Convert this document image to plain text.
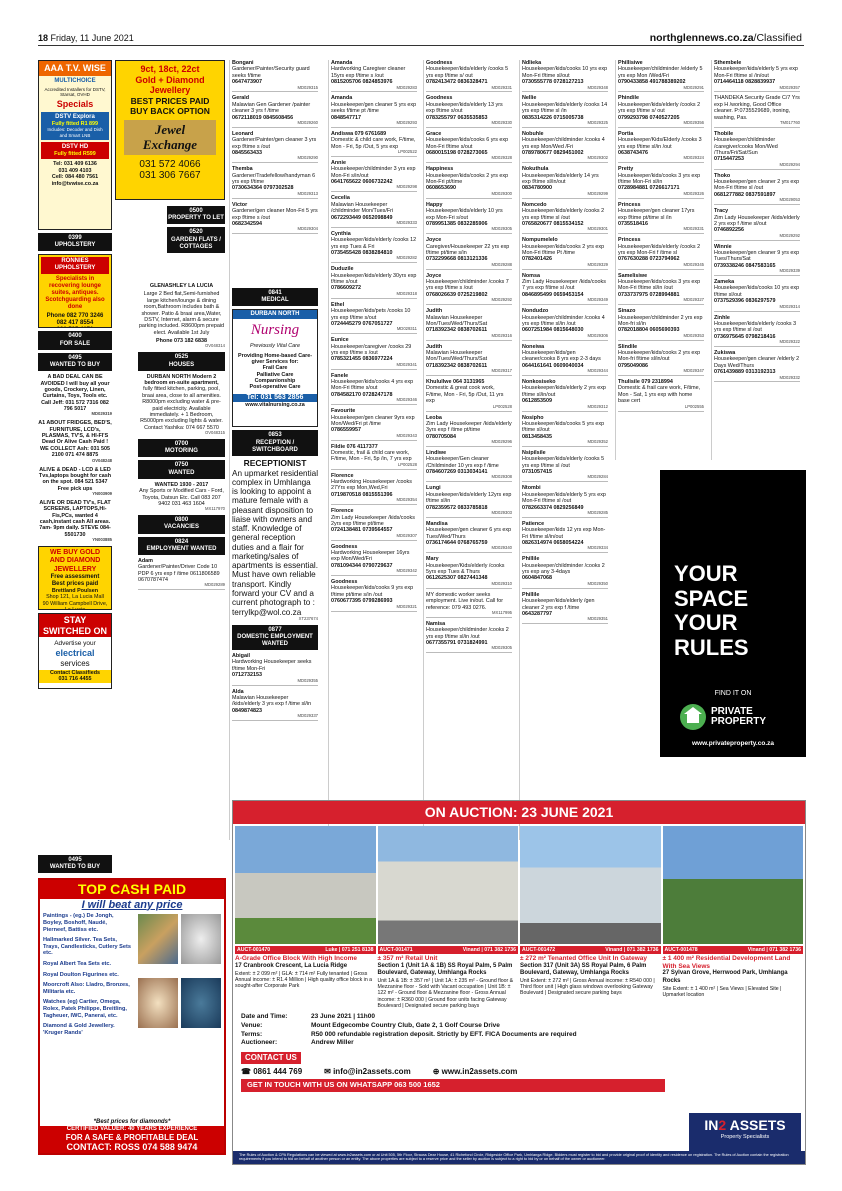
18 Friday, 11 June 2021	northglennews.co.za/Classified
AAA T.V. WISE
MULTICHOICE
Accredited Installers for DSTV, Starsat, OVHD
Specials
DSTV Explora
Fully fitted R1 899
Includes: Decoder and Dish and Smart LNB
DSTV HD
Fully fitted R599
Tel: 031 409 6136
031 409 4103
Cell: 084 480 7561
info@tvwise.co.za
0399
UPHOLSTERY
RONNIES UPHOLSTERY
Specialists in recovering lounge suites, antiques. Scotchguarding also done
Phone 082 770 3246
082 417 8554
0400
FOR SALE
0495
WANTED TO BUY

A BAD DEAL CAN BE AVOIDED I will buy all your goods, Crockery, Linen, Curtains, Toys, Tools etc. Call Jeff: 031 572 7316 082 796 5017
MD029319

A1 ABOUT FRIDGES, BED'S, FURNITURE, LCD's, PLASMAS, TV'S, & HI-FI'S Dead Or Alive Cash Paid ! WE COLLECT Ash: 031 505 2100 071 474 8875
OV048248

ALIVE & DEAD - LCD & LED Tvs,laptops bought for cash on the spot. 084 521 5347 Free pick ups
YN003909

ALIVE OR DEAD TV's, FLAT SCREENS, LAPTOPS,Hi-Fis,PCs, wanted 4 cash,instant cash All areas. 7am- 9pm daily. STEVE 084-5501730
YN003885

WE BUY GOLD
AND DIAMOND
JEWELLERY
Free assessment
Best prices paid
Brettland Poulsen
Shop 121, La Lucia Mall
90 William Campbell Drive,
STAY
SWITCHED ON
Advertise your
electrical
services
Contact Classifieds
031 716 4455
9ct, 18ct, 22ct
Gold + Diamond
Jewellery
BEST PRICES PAID
BUY BACK OPTION
Jewel
Exchange
031 572 4066
031 306 7667
0500
PROPERTY TO LET
0520
GARDEN FLATS / COTTAGES
GLENASHLEY LA LUCIA
Large 2 Bed flat,Semi-furnished large kitchen/lounge & dining room,Bathroom includes bath & shower. Patio & braai area,Water, DSTV, Internet, alarm & secure parking included. R8600pm prepaid elect. Available 1st July
Phone 073 182 6838
OV048314
0525
HOUSES
DURBAN NORTH Modern 2 bedroom en-suite apartment,
fully fitted kitchen, parking, pool, braai area, close to all amenities. R8000pm excluding water & pre-paid electricity. Available immediately. + 1 Bedroom, R5000pm excluding lights & water. Contact Yashika: 074 667 5570
OV048315
0700
MOTORING
0750
WANTED
WANTED 1930 - 2017
Any Sports or Modified Cars - Ford, Toyota, Datsun Etc. Call 083 207 9402 031 463 1604
MX117970
0800
VACANCIES
0824
EMPLOYMENT WANTED
Adam
Gardener/Painter/Driver Code 10 PDP 6 yrs exp f /time 0611806589 0670787474
MD029289
0495
WANTED TO BUY
Bongani
Gardener/Painter/Security guard seeks f/time
0647473907
MD029315
Gerald
Malawian Gen Gardener /painter cleaner 3 yrs f /time
0672118019 0845608456
MD029260
Leonard
Gardener/Painter/gen cleaner 3 yrs exp f/time s /out
0845563433
MD029290
Themba
Gardener/Tradefellow/handyman 6 yrs exp f/time
0730634364 0797302528
MD029313
Victor
Gardener/gen cleaner Mon-Fri 5 yrs exp f/time s /out
0682342594
MD029304
Amanda
Hardworking Caregiver cleaner 15yrs exp f/time s /out
0815205706 0824853976
MD029283
Amanda
Housekeeper/gen cleaner 5 yrs exp seeks f/time pt /time
0848547717
MD029293
Andiswa 079 6761689
Domestic & child care work, F/time, Mon - Fri, 5p /Out, 5 yrs exp
LP002522
Annie
Housekeeper/childminder 3 yrs exp Mon-Fri s/in/out
0641765622 0606732242
MD029298
Cecelia
Malawian Housekeeper /childminder Mon/Tues/Fri
0672293449 0652098849
MD029333
Cynthia
Housekeeper/kids/elderly /cooks 12 yrs exp Tues & Fri
0735455428 0838284810
MD029282
Duduzile
Housekeeper/kids/elderly 30yrs exp f/time s/out
0786609272
MD029318
Ethel
Housekeeper/kids/pets /cooks 10 yrs exp f/time s/out
0724445279 0767051727
MD029311
Eunice
Housekeeper/caregiver /cooks 29 yrs exp f/time s /out
0785321455 0836977224
MD029341
Fanele
Housekeeper/kids/cooks 4 yrs exp Mon-Fri f/time s/out
0784582170 0728247178
MD029346
Favourite
Housekeeper/gen cleaner 9yrs exp Mon/Wed/Fri pt /time
0786559957
MD029343
Fildie 076 4117377
Domestic, frail & child care work, F/time, Mon - Fri, 5p /in, 7 yrs exp
LP002528
Florence
Hardworking Housekeeper /cooks 27Yrs exp Mon,Wed,Fri
0719870518 0815551396
MD029354
Florence
Zim Lady Housekeeper /kids/cooks 2yrs exp f/time pt/time
0724138481 0739564557
MD029307
Goodness
Hardworking Housekeeper 16yrs exp Mon/Wed/Fri
0781094344 0790729637
MD029342
Goodness
Housekeeper/kids/cooks 9 yrs exp f/time pt/time s/in /out
0760677395 0799286993
MD029321
Goodness
Housekeeper/kids/elderly /cooks 5 yrs exp f/time s/ out
0782413472 0836328471
MD029331
Goodness
Housekeeper/kids/elderly 13 yrs exp f/time s/out
0783255797 0635535853
MD029330
Grace
Housekeeper/kids/cooks 6 yrs exp Mon-Fri f/time s/out
0680015198 0728273065
MD029328
Happiness
Housekeeper/kids/cooks 2 yrs exp Mon-Fri pt/time
0608653690
MD029300
Happy
Housekeeper/kids/elderly 10 yrs exp Mon-Fri s/out
0789951385 0832285906
MD029305
Joyce
Caregiver/Housekeeper 22 yrs exp f/time pt/time s/in
0732299668 0813121336
MD029288
Joyce
Housekeeper/childminder /cooks 7 yrs exp f/time s /out
0768026639 0725219802
MD029292
Judith
Malawian Housekeeper Mon/Tues/Wed/Thurs/Sat
0718392342 0838702611
MD029316
Judith
Malawian Housekeeper Mon/Tues/Wed/Thurs/Sat
0718392342 0838702611
MD029317
Khulullwe 064 3131965
Domestic & great cook work, F/time, Mon - Fri, 5p /Out, 11 yrs exp
LP002528
Leoba
Zim Lady Housekeeper /kids/elderly 3yrs exp f /time pt/time
0780705084
MD029296
Lindiwe
Housekeeper/Gen cleaner /Childminder 10 yrs exp f /time
0784607269 0313034141
MD029308
Lungi
Housekeeper/kids/elderly 12yrs exp f/time sl/in
0782359572 0833785818
MD029303
Mandisa
Housekeeper/gen cleaner 6 yrs exp Tues/Wed/Thurs
0736174644 0768765759
MD029340
Mary
Housekeeper/Kids/elderly /cooks 5yrs exp Tues & Thurs
0612625307 0827441348
MD029310
MY domestic worker seeks employment. Live in/out. Call for reference: 079 493 0276.
MX117995
Namisa
Housekeeper/childminder /cooks 2 yrs exp f/time sl/in /out
0677355791 0731824991
MD029305
Ndlieka
Housekeeper/kids/cooks 10 yrs exp Mon-Fri f/time sl/out
0730555778 0728127213
MD029348
Nellie
Housekeeper/kids/elderly /cooks 14 yrs exp f/time sl /in
0835314226 0715005738
MD029325
Nobuhle
Housekeeper/childminder /cooks 4 yrs exp Mon/Wed /Fri
0789780677 0829451002
MD029302
Nokuthula
Housekeeper/kids/elderly 14 yrs exp f/time sl/in/out
0834780900
MD029299
Nomcedo
Housekeeper/kids/elderly /cooks 2 yrs exp f/time sl /out
0765820677 0815534152
MD029301
Nompumelelo
Housekeeper/kids/cooks 2 yrs exp Mon-Fri f/time Pt /time
0782401426
MD029329
Nomsa
Zim Lady Housekeeper /kids/cooks 7 yrs exp f/time sl /out
0846895499 0659453154
MD029349
Nondudzo
Housekeeper/childminder /cooks 4 yrs exp f/time sl/in /out
0607251984 0815648030
MD029306
Noneiwa
Housekeeper/kids/gen cleaner/cooks 8 yrs exp 2-3 days
0644161641 0609040034
MD029344
Nonkosiseko
Housekeeper/kids/elderly 2 yrs exp f/time sl/in/out
0612853509
MD029312
Nosipho
Housekeeper/kids/cooks 5 yrs exp f/time sl/out
0813458435
MD029352
Nsipilsile
Housekeeper/kids/elderly /cooks 5 yrs exp f/time sl /out
0731057415
MD029284
Ntombi
Housekeeper/kids/elderly 5 yrs exp Mon-Fri f/time sl /out
0782663374 0829256849
MD029285
Patience
Housekeeper/kids 12 yrs exp Mon-Fri f/time sl/in/out
0826314974 0658054224
MD029334
Phillile
Housekeeper/childminder /cooks 2 yrs exp any 3-4days
0604847068
MD029350
Phillile
Housekeeper/kids/elderly /gen cleaner 2 yrs exp f /time
0643287797
MD029351
Phillisiwe
Housekeeper/childminder /elderly 5 yrs exp Mon /Wed/Fri
0790433858 491788389202
MD029291
Phindile
Housekeeper/kids/elderly /cooks 2 yrs exp f/time s/ out
0799293798 0740527205
MD029356
Portia
Housekeeper/Kids/Elderly /cooks 3 yrs exp f/time sl/in /out
0638743476
MD029324
Pretty
Housekeeper/kids/cooks 3 yrs exp f/time Mon-Fri sl/in
0728984881 0726617171
MD029326
Princess
Housekeeper/gen cleaner 17yrs exp f/time pt/time sl /in
0735518416
MD029331
Princess
Housekeeper/kids/elderly /cooks 2 yrs exp Mon-Fri f /time sl
0767630288 0723794962
MD029345
Samelisiwe
Housekeeper/kids/cooks 3 yrs exp Mon-Fri f/time sl/in /out
0733737975 0728994881
MD029327
Sinazo
Housekeeper/childminder 2 yrs exp Mon-fri sl/in
0782018804 0605690393
MD029353
Slindile
Housekeeper/kids/cooks 2 yrs exp Mon-fri f/time sl/in/out
0795049086
MD029347
Thulisile 079 2318994
Domestic & frail care work, F/time, Mon - Sat, 1 yrs exp with home base cert
LP002555
Sthembele
Housekeeper/kids/elderly 5 yrs exp Mon-Fri f/time sl /in/out
0714464118 0828839937
MD029357
THANDEKA Security Grade C/7 Yrs exp H /working, Good Office cleaner. P:0735529689, ironing, washing, Pas.
TM017760
Thobile
Housekeeper/childminder /caregiver/cooks Mon/Wed /Thurs/Fri/Sat/Sun
0715447253
MD029294
Thoko
Housekeeper/gen cleaner 2 yrs exp Mon-Fri f/time sl /out
0681277882 0837591897
MD029053
Tracy
Zim Lady Housekeeper /kids/elderly 2 yrs exp f /time sl/out
0746892256
MD029292
Winnie
Housekeeper/gen cleaner 9 yrs exp Tues/Thurs/Sat
0739338246 0847583165
MD029339
Zameka
Housekeeper/kids/cooks 10 yrs exp f/time sl/out
0737529396 0836297579
MD029314
Zinhle
Housekeeper/kids/elderly /cooks 3 yrs exp f/time sl /out
0736975645 0798218416
MD029322
Zukiswa
Housekeeper/gen cleaner /elderly 2 Days Wed/Thurs
0761439889 0313192313
MD029332
0841
MEDICAL
DURBAN NORTH
Nursing
Previously Vital Care
Providing Home-based Care-giver Services for:
Frail Care
Palliative Care
Companionship
Post-operative Care
Tel: 031 563 2856
www.vitalnursing.co.za
0853
RECEPTION / SWITCHBOARD
RECEPTIONIST
An upmarket residential complex in Umhlanga is looking to appoint a mature female with a pleasant disposition to liaise with owners and staff. Knowledge of general reception duties and a flair for marketing/sales of apartments is essential. Must have own reliable transport. Kindly forward your CV and a current photograph to : terrylkp@wol.co.za
XT237674
0877
DOMESTIC EMPLOYMENT WANTED
Abigail
Hardworking Housekeeper seeks f/time Mon-Fri
0712732153
MD029355
Alda
Malawian Housekeeper /kids/elderly 3 yrs exp f /time sl/in
0849874823
MD029337
YOUR
SPACE
YOUR
RULES
FIND IT ON
PRIVATE
PROPERTY
www.privateproperty.co.za
ON AUCTION: 23 JUNE 2021
AUCT-001470	Luke | 071 251 8138
A-Grade Office Block With High Income
17 Cranbrook Crescent, La Lucia Ridge
Extent: ± 2 099 m² | GLA: ± 714 m² Fully tenanted | Gross Annual income: ± R1.4 Million | High quality office block in a sought-after Corporate Park
AUCT-001471	Vinand | 071 382 1736
± 357 m² Retail Unit
Section 1 (Unit 1A & 1B) SS Royal Palm, 5 Palm Boulevard, Gateway, Umhlanga Rocks
Unit 1A & 1B: ± 357 m² | Unit 1A: ± 235 m² - Ground floor & Mezzanine floor - Sold with Vacant occupation | Unit 1B: ± 122 m² - Ground floor & Mezzanine floor - Gross Annual income: ± R360 000 | Ground floor units facing Gateway Boulevard | Designated secure parking bays
AUCT-001472	Vinand | 071 382 1736
± 272 m² Tenanted Office Unit In Gateway
Section 317 (Unit 3A) SS Royal Palm, 6 Palm Boulevard, Gateway, Umhlanga Rocks
Unit Extent: ± 272 m² | Gross Annual income: ± R540 000 | Third floor unit | High glass windows overlooking Gateway Boulevard | Designated secure parking bays
AUCT-001478	Vinand | 071 382 1736
± 1 400 m² Residential Development Land With Sea Views
27 Sylvan Grove, Herrwood Park, Umhlanga Rocks
Site Extent: ± 1 400 m² | Sea Views | Elevated Site | Upmarket location
Date and Time:	23 June 2021 | 11h00
Venue:	Mount Edgecombe Country Club, Gate 2, 1 Golf Course Drive
Terms:	R50 000 refundable registration deposit. Strictly by EFT. FICA Documents are required
Auctioneer:	Andrew Miller
CONTACT US
☎ 0861 444 769	✉ info@in2assets.com	⊕ www.in2assets.com
GET IN TOUCH WITH US ON WHATSAPP 063 500 1652
IN2 ASSETS
Property Specialists
The Rules of Auction & CPA Regulations can be viewed at www.in2assets.com or at Unit 505, 5th Floor, Strauss Dear House, 41 Richefond Circle, Ridgeside Office Park, Umhlanga Ridge. Bidders must register to bid and provide original proof of identity and residence on registration. The Rules of Auction contain the registration requirements if you intend to bid on behalf of another person or an entity. The above properties are subject to a reserve price and the seller by auction is subject to a right to bid by or on behalf of the owner or auctioneer.
TOP CASH PAID
I will beat any price
Paintings - (eg.) De Jongh, Boyley, Boshoff, Naudé, Pierneef, Battiss etc.
Hallmarked Silver. Tea Sets, Trays, Candlesticks, Cutlery Sets etc.
Royal Albert Tea Sets etc.
Royal Doulton Figurines etc.
Moorcroft Also: Lladro, Bronzes, Militaria etc.
Watches (eg) Cartier, Omega, Rolex, Patek Philippe, Breitling, Tagheuer, IWC, Panerai, etc.
Diamond & Gold Jewellery. 'Kruger Rands'
*Best prices for diamonds*
CERTIFIED VALUER: 40 YEARS EXPERIENCE
FOR A SAFE & PROFITABLE DEAL
CONTACT: ROSS 074 588 9474
